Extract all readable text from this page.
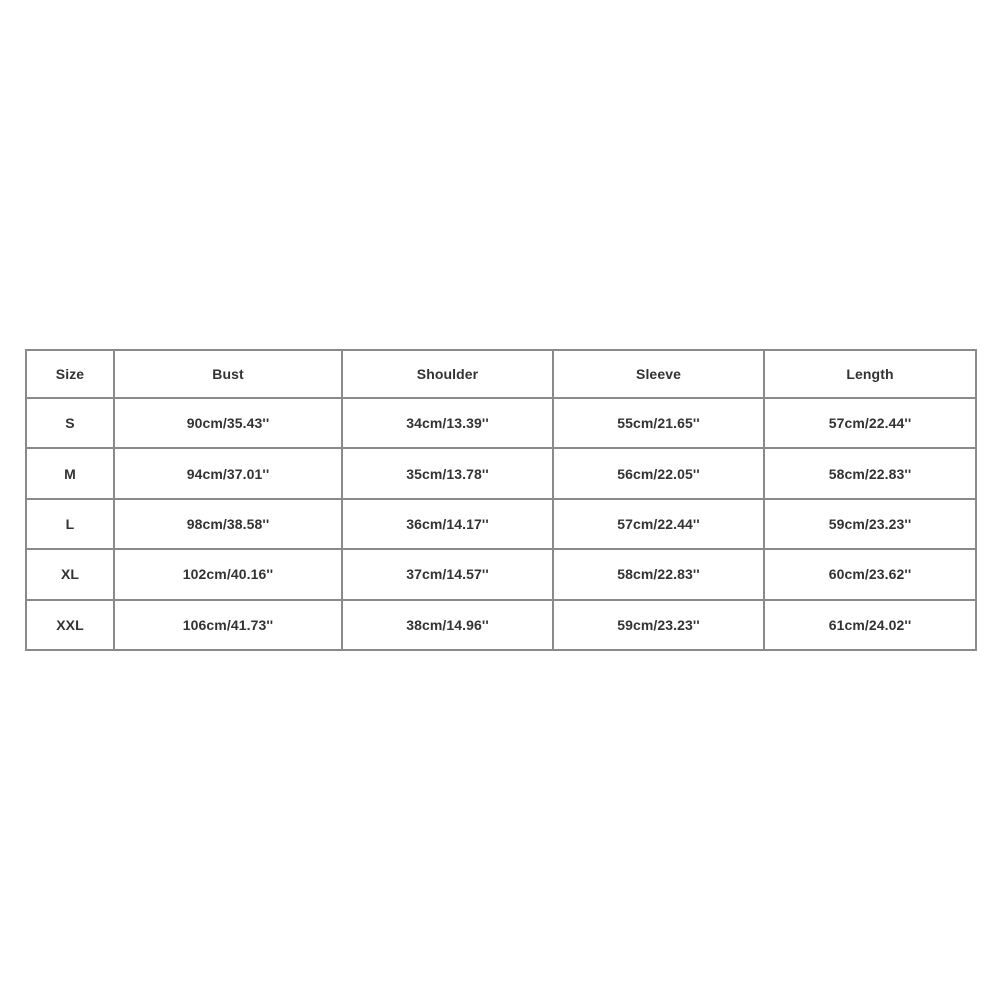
Size	Bust	Shoulder	Sleeve	Length
S	90cm/35.43''	34cm/13.39''	55cm/21.65''	57cm/22.44''
M	94cm/37.01''	35cm/13.78''	56cm/22.05''	58cm/22.83''
L	98cm/38.58''	36cm/14.17''	57cm/22.44''	59cm/23.23''
XL	102cm/40.16''	37cm/14.57''	58cm/22.83''	60cm/23.62''
XXL	106cm/41.73''	38cm/14.96''	59cm/23.23''	61cm/24.02''
